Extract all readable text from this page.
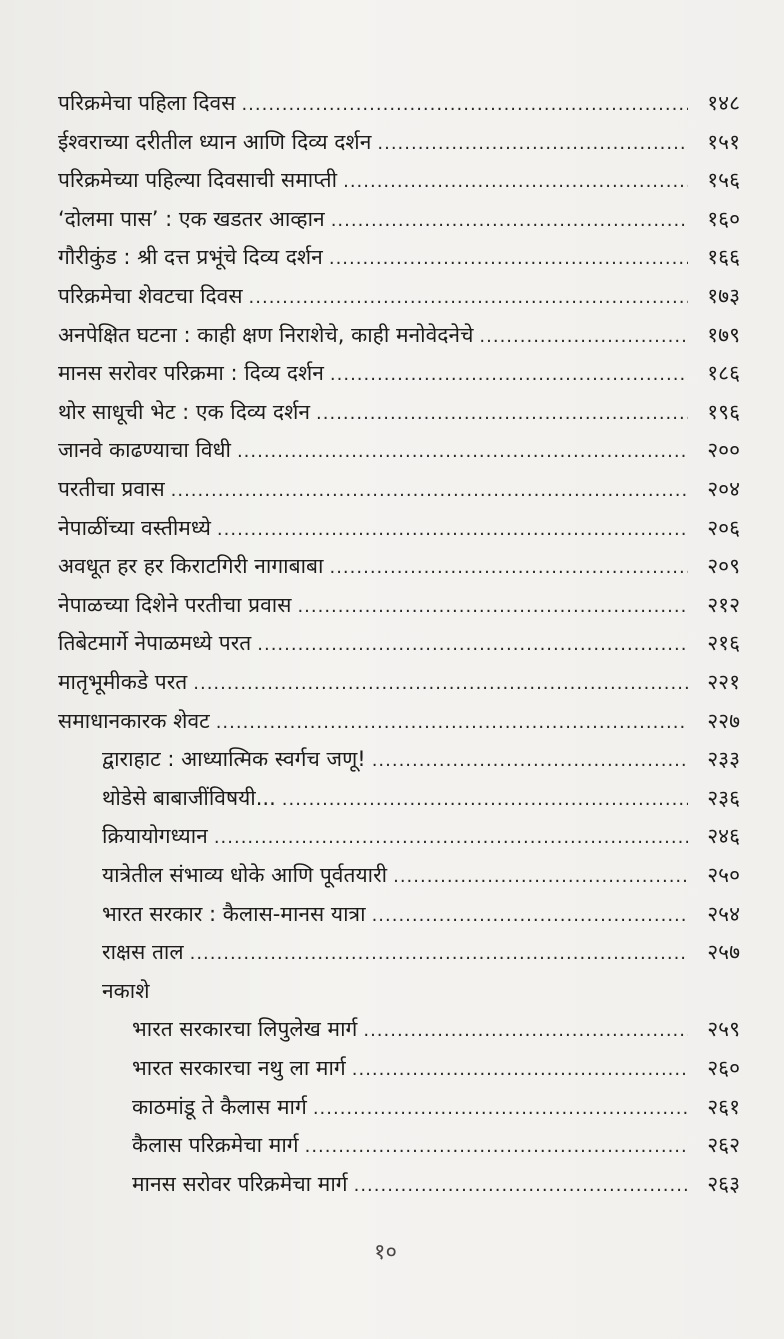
परिक्रमेचा पहिला दिवस .....	१४८
ईश्वराच्या दरीतील ध्यान आणि दिव्य दर्शन .....	१५१
परिक्रमेच्या पहिल्या दिवसाची समाप्ती .....	१५६
‘दोलमा पास’ : एक खडतर आव्हान .....	१६०
गौरीकुंड : श्री दत्त प्रभूंचे दिव्य दर्शन .....	१६६
परिक्रमेचा शेवटचा दिवस .....	१७३
अनपेक्षित घटना : काही क्षण निराशेचे, काही मनोवेदनेचे .....	१७९
मानस सरोवर परिक्रमा : दिव्य दर्शन .....	१८६
थोर साधूची भेट : एक दिव्य दर्शन .....	१९६
जानवे काढण्याचा विधी .....	२००
परतीचा प्रवास .....	२०४
नेपाळींच्या वस्तीमध्ये .....	२०६
अवधूत हर हर किराटगिरी नागाबाबा .....	२०९
नेपाळच्या दिशेने परतीचा प्रवास .....	२१२
तिबेटमार्गे नेपाळमध्ये परत .....	२१६
मातृभूमीकडे परत .....	२२१
समाधानकारक शेवट .....	२२७
द्वाराहाट : आध्यात्मिक स्वर्गच जणू! .....	२३३
थोडेसे बाबाजींविषयी... .....	२३६
क्रियायोगध्यान .....	२४६
यात्रेतील संभाव्य धोके आणि पूर्वतयारी .....	२५०
भारत सरकार : कैलास-मानस यात्रा .....	२५४
राक्षस ताल .....	२५७
नकाशे
भारत सरकारचा लिपुलेख मार्ग .....	२५९
भारत सरकारचा नथु ला मार्ग .....	२६०
काठमांडू ते कैलास मार्ग .....	२६१
कैलास परिक्रमेचा मार्ग .....	२६२
मानस सरोवर परिक्रमेचा मार्ग .....	२६३
१०
